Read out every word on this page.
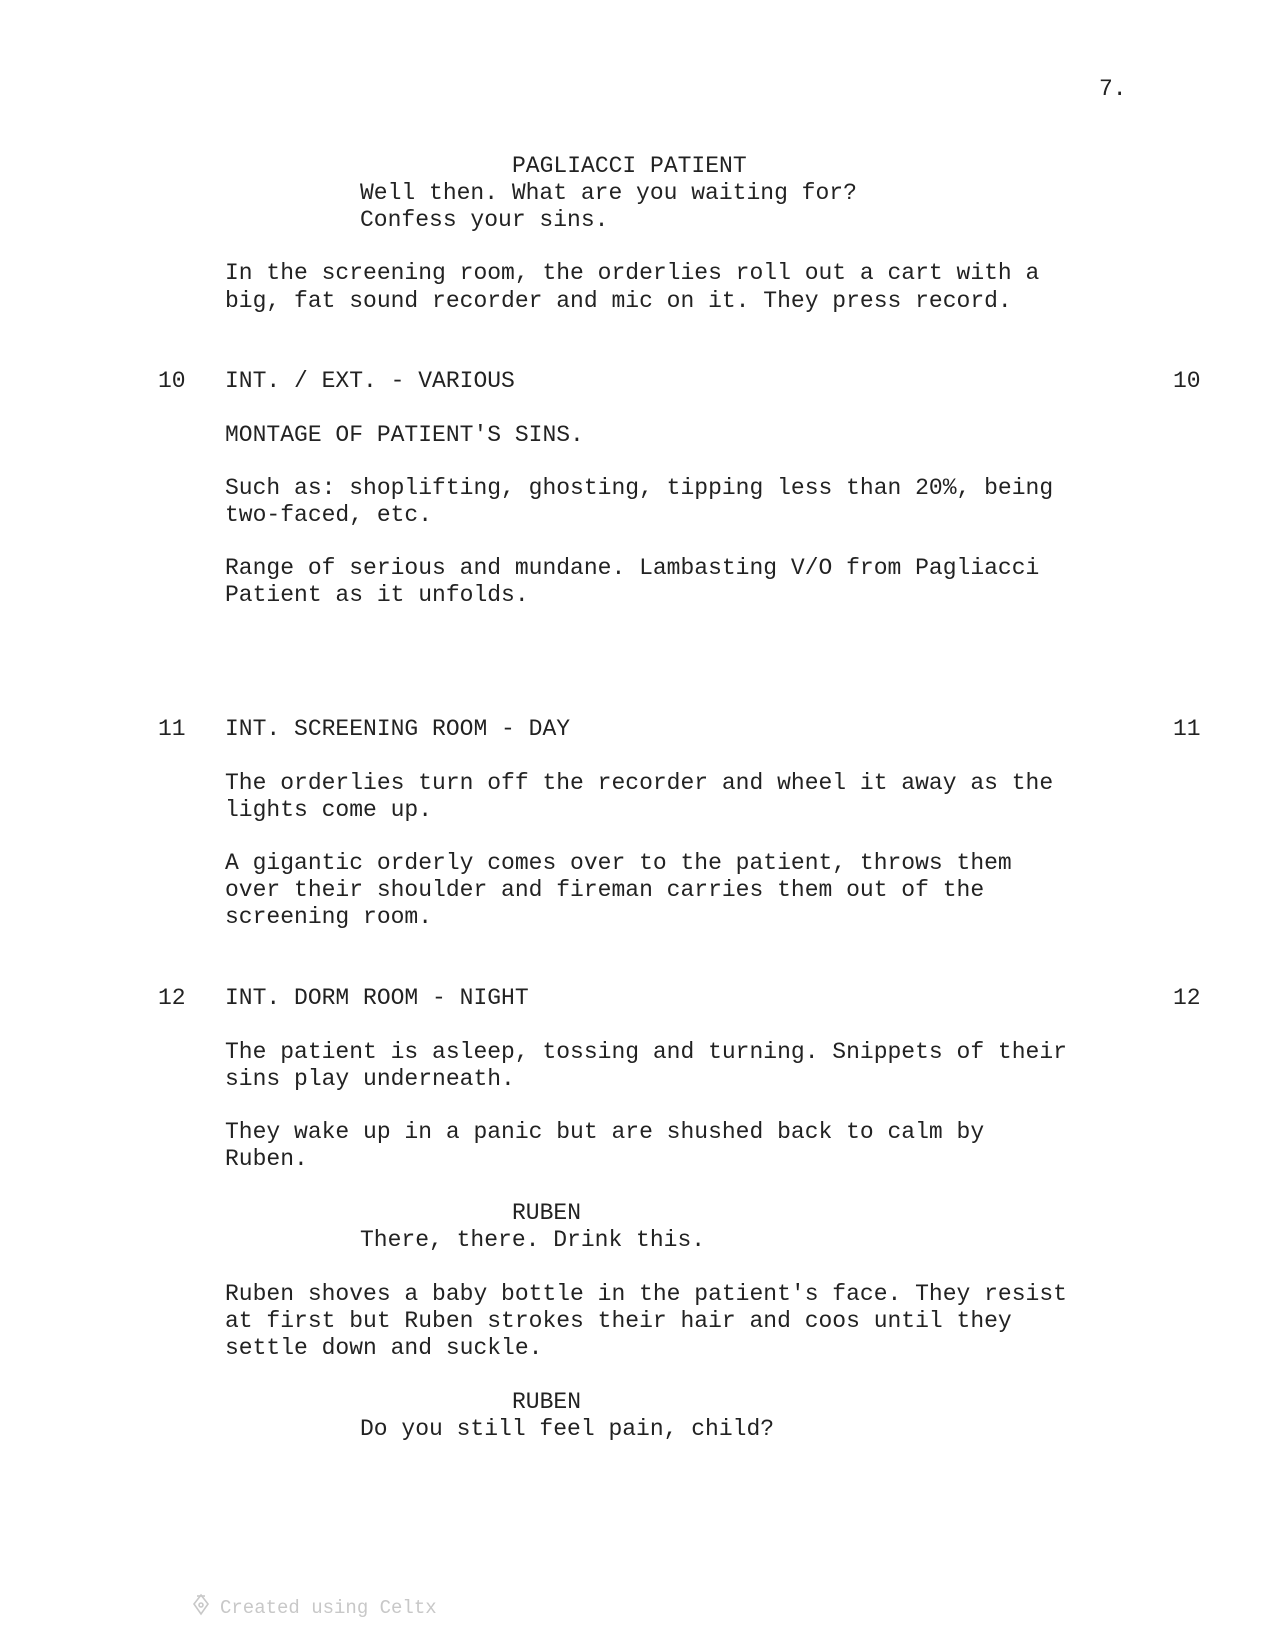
7.
PAGLIACCI PATIENT
Well then. What are you waiting for?
Confess your sins.
In the screening room, the orderlies roll out a cart with a
big, fat sound recorder and mic on it. They press record.
10 INT. / EXT. - VARIOUS	10
MONTAGE OF PATIENT'S SINS.
Such as: shoplifting, ghosting, tipping less than 20%, being
two-faced, etc.
Range of serious and mundane. Lambasting V/O from Pagliacci
Patient as it unfolds.
11 INT. SCREENING ROOM - DAY	11
The orderlies turn off the recorder and wheel it away as the
lights come up.
A gigantic orderly comes over to the patient, throws them
over their shoulder and fireman carries them out of the
screening room.
12 INT. DORM ROOM - NIGHT	12
The patient is asleep, tossing and turning. Snippets of their
sins play underneath.
They wake up in a panic but are shushed back to calm by
Ruben.
RUBEN
There, there. Drink this.
Ruben shoves a baby bottle in the patient's face. They resist
at first but Ruben strokes their hair and coos until they
settle down and suckle.
RUBEN
Do you still feel pain, child?
Created using Celtx
